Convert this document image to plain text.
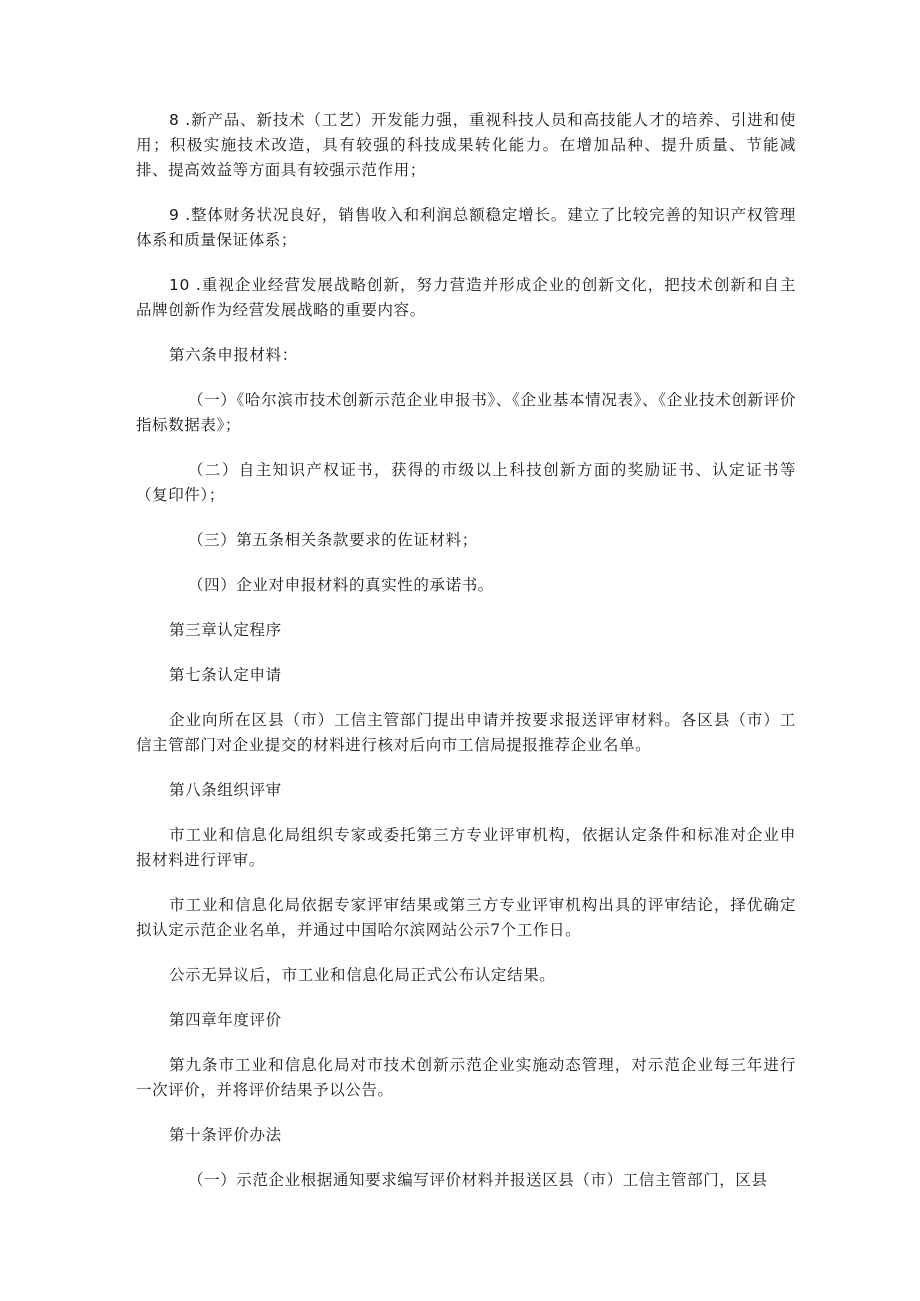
8 .新产品、新技术（工艺）开发能力强，重视科技人员和高技能人才的培养、引进和使用；积极实施技术改造，具有较强的科技成果转化能力。在增加品种、提升质量、节能减排、提高效益等方面具有较强示范作用；

9 .整体财务状况良好，销售收入和利润总额稳定增长。建立了比较完善的知识产权管理体系和质量保证体系；

10 .重视企业经营发展战略创新，努力营造并形成企业的创新文化，把技术创新和自主品牌创新作为经营发展战略的重要内容。

第六条申报材料：

（一）《哈尔滨市技术创新示范企业申报书》、《企业基本情况表》、《企业技术创新评价指标数据表》；

（二）自主知识产权证书，获得的市级以上科技创新方面的奖励证书、认定证书等（复印件）；

（三）第五条相关条款要求的佐证材料；

（四）企业对申报材料的真实性的承诺书。

第三章认定程序

第七条认定申请

企业向所在区县（市）工信主管部门提出申请并按要求报送评审材料。各区县（市）工信主管部门对企业提交的材料进行核对后向市工信局提报推荐企业名单。

第八条组织评审

市工业和信息化局组织专家或委托第三方专业评审机构，依据认定条件和标准对企业申报材料进行评审。

市工业和信息化局依据专家评审结果或第三方专业评审机构出具的评审结论，择优确定拟认定示范企业名单，并通过中国哈尔滨网站公示7个工作日。

公示无异议后，市工业和信息化局正式公布认定结果。

第四章年度评价

第九条市工业和信息化局对市技术创新示范企业实施动态管理，对示范企业每三年进行一次评价，并将评价结果予以公告。

第十条评价办法

（一）示范企业根据通知要求编写评价材料并报送区县（市）工信主管部门，区县
